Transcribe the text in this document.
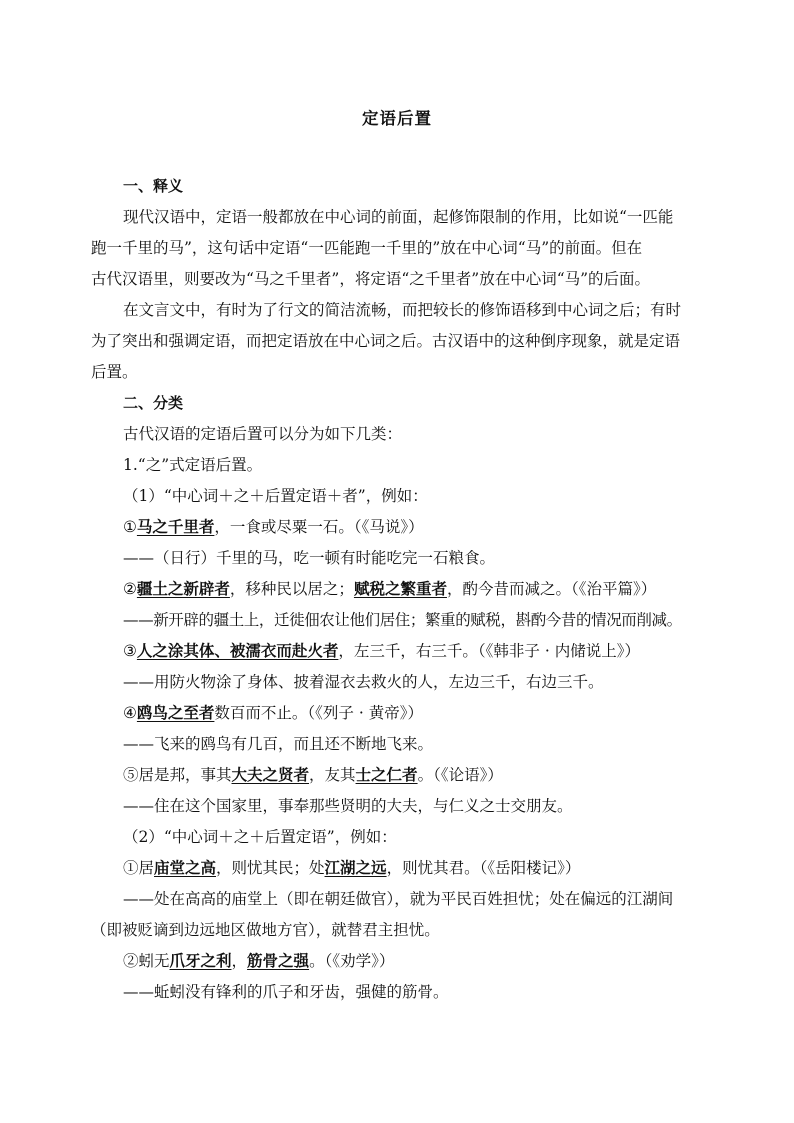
定语后置
一、释义
现代汉语中，定语一般都放在中心词的前面，起修饰限制的作用，比如说“一匹能
跑一千里的马”，这句话中定语“一匹能跑一千里的”放在中心词“马”的前面。但在
古代汉语里，则要改为“马之千里者”，将定语“之千里者”放在中心词“马”的后面。
在文言文中，有时为了行文的简洁流畅，而把较长的修饰语移到中心词之后；有时
为了突出和强调定语，而把定语放在中心词之后。古汉语中的这种倒序现象，就是定语
后置。
二、分类
古代汉语的定语后置可以分为如下几类：
1.“之”式定语后置。
（1）“中心词＋之＋后置定语＋者”，例如：
①马之千里者，一食或尽粟一石。（《马说》）
——（日行）千里的马，吃一顿有时能吃完一石粮食。
②疆土之新辟者，移种民以居之；赋税之繁重者，酌今昔而减之。（《治平篇》）
——新开辟的疆土上，迁徙佃农让他们居住；繁重的赋税，斟酌今昔的情况而削减。
③人之涂其体、被濡衣而赴火者，左三千，右三千。（《韩非子 · 内储说上》）
——用防火物涂了身体、披着湿衣去救火的人，左边三千，右边三千。
④鸥鸟之至者数百而不止。（《列子 · 黄帝》）
——飞来的鸥鸟有几百，而且还不断地飞来。
⑤居是邦，事其大夫之贤者，友其士之仁者。（《论语》）
——住在这个国家里，事奉那些贤明的大夫，与仁义之士交朋友。
（2）“中心词＋之＋后置定语”，例如：
①居庙堂之高，则忧其民；处江湖之远，则忧其君。（《岳阳楼记》）
——处在高高的庙堂上（即在朝廷做官），就为平民百姓担忧；处在偏远的江湖间
（即被贬谪到边远地区做地方官），就替君主担忧。
②蚓无爪牙之利，筋骨之强。（《劝学》）
——蚯蚓没有锋利的爪子和牙齿，强健的筋骨。
